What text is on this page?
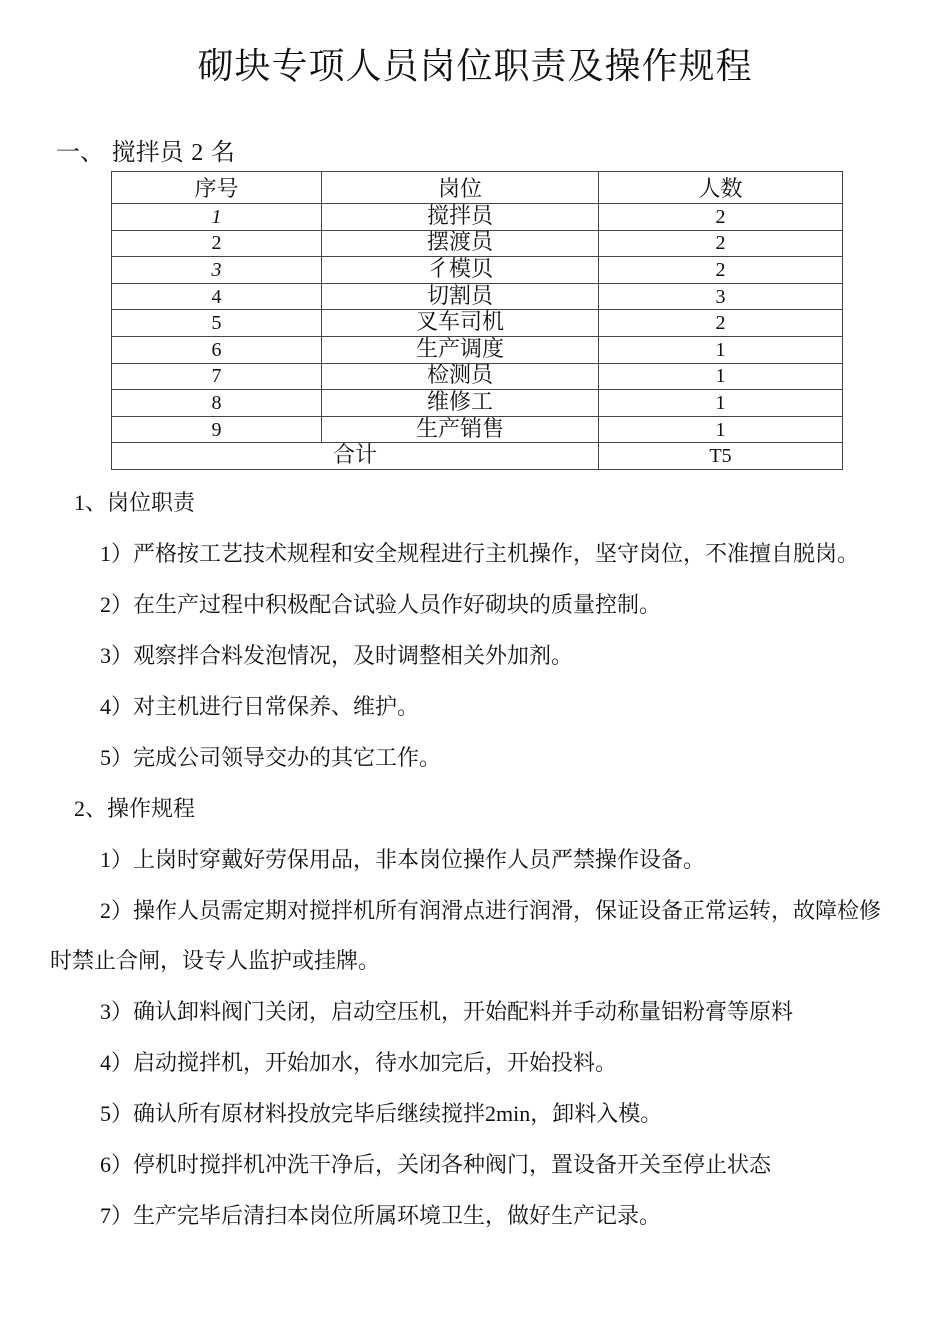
砌块专项人员岗位职责及操作规程
一、 搅拌员 2 名
序号	岗位	人数
1	搅拌员	2
2	摆渡员	2
3	彳模贝	2
4	切割员	3
5	叉车司机	2
6	生产调度	1
7	检测员	1
8	维修工	1
9	生产销售	1
合计		T5

1、岗位职责

1）严格按工艺技术规程和安全规程进行主机操作，坚守岗位，不准擅自脱岗。

2）在生产过程中积极配合试验人员作好砌块的质量控制。

3）观察拌合料发泡情况，及时调整相关外加剂。

4）对主机进行日常保养、维护。

5）完成公司领导交办的其它工作。

2、操作规程

1）上岗时穿戴好劳保用品，非本岗位操作人员严禁操作设备。

2）操作人员需定期对搅拌机所有润滑点进行润滑，保证设备正常运转，故障检修时禁止合闸，设专人监护或挂牌。

3）确认卸料阀门关闭，启动空压机，开始配料并手动称量铝粉膏等原料

4）启动搅拌机，开始加水，待水加完后，开始投料。

5）确认所有原材料投放完毕后继续搅拌2min，卸料入模。

6）停机时搅拌机冲洗干净后，关闭各种阀门，置设备开关至停止状态

7）生产完毕后清扫本岗位所属环境卫生，做好生产记录。
